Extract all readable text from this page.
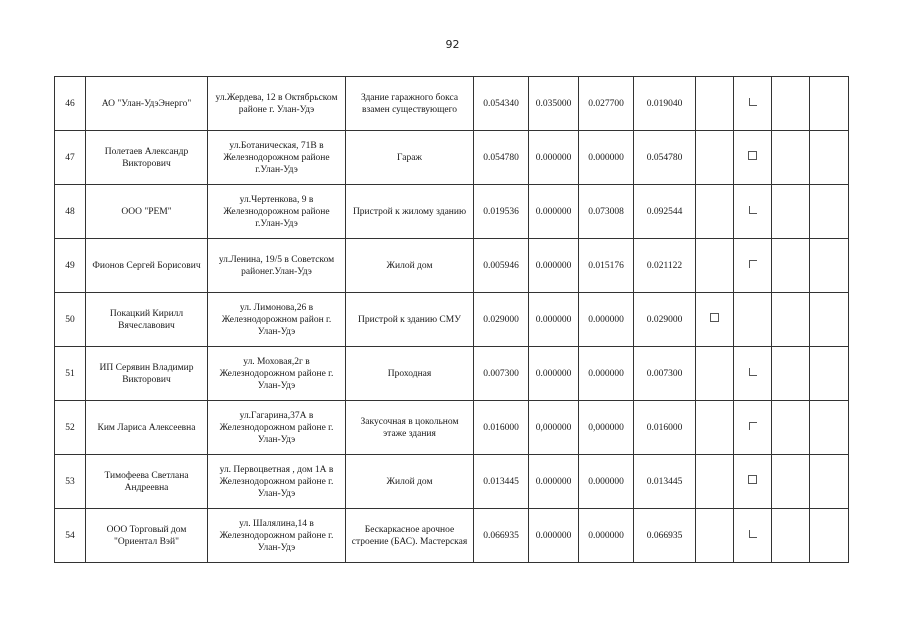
92
46	АО "Улан-УдэЭнерго"	ул.Жердева, 12 в Октябрьском районе г. Улан-Удэ	Здание гаражного бокса взамен существующего	0.054340	0.035000	0.027700	0.019040				
47	Полетаев Александр Викторович	ул.Ботаническая, 71В в Железнодорожном районе г.Улан-Удэ	Гараж	0.054780	0.000000	0.000000	0.054780				
48	ООО "РЕМ"	ул.Чертенкова, 9 в Железнодорожном районе г.Улан-Удэ	Пристрой к жилому зданию	0.019536	0.000000	0.073008	0.092544				
49	Фионов Сергей Борисович	ул.Ленина, 19/5 в Советском районег.Улан-Удэ	Жилой дом	0.005946	0.000000	0.015176	0.021122				
50	Покацкий Кирилл Вячеславович	ул. Лимонова,26 в Железнодорожном район г. Улан-Удэ	Пристрой к зданию СМУ	0.029000	0.000000	0.000000	0.029000				
51	ИП Серявин Владимир Викторович	ул. Моховая,2г в Железнодорожном районе г. Улан-Удэ	Проходная	0.007300	0.000000	0.000000	0.007300				
52	Ким Лариса Алексеевна	ул.Гагарина,37А в Железнодорожном районе г. Улан-Удэ	Закусочная в цокольном этаже здания	0.016000	0,000000	0,000000	0.016000				
53	Тимофеева Светлана Андреевна	ул. Первоцветная , дом 1А в Железнодорожном районе г. Улан-Удэ	Жилой дом	0.013445	0.000000	0.000000	0.013445				
54	ООО Торговый дом "Ориентал Вэй"	ул. Шалялина,14 в Железнодорожном районе г. Улан-Удэ	Бескаркасное арочное строение (БАС). Мастерская	0.066935	0.000000	0.000000	0.066935				
